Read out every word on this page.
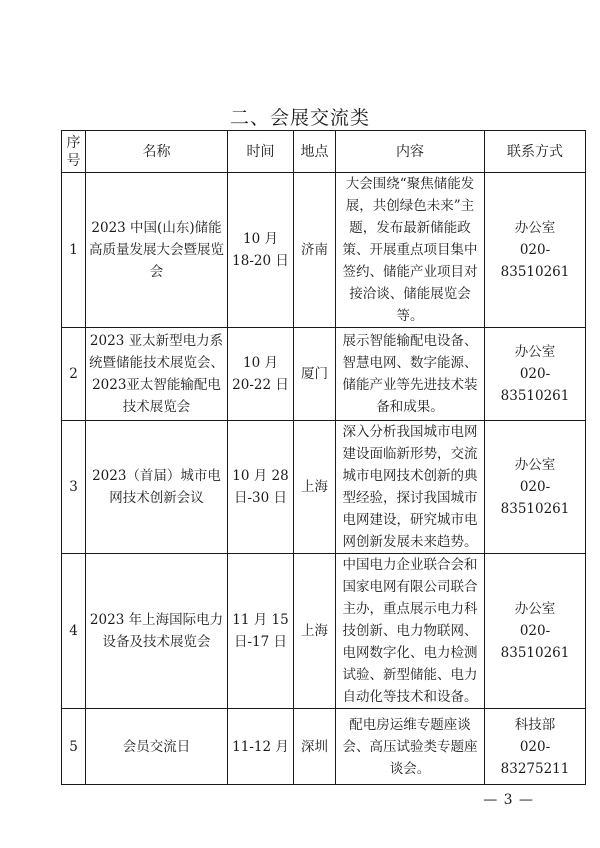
二、会展交流类
序号	名称	时间	地点	内容	联系方式
1	2023 中国(山东)储能高质量发展大会暨展览会	10 月 18-20 日	济南	大会围绕“聚焦储能发展，共创绿色未来”主题，发布最新储能政策、开展重点项目集中签约、储能产业项目对接洽谈、储能展览会等。	办公室
020-83510261

2	2023 亚太新型电力系统暨储能技术展览会、2023亚太智能输配电技术展览会	10 月 20-22 日	厦门	展示智能输配电设备、智慧电网、数字能源、储能产业等先进技术装备和成果。	办公室
020-83510261

3	2023（首届）城市电网技术创新会议	10 月 28 日-30 日	上海	深入分析我国城市电网建设面临新形势，交流城市电网技术创新的典型经验，探讨我国城市电网建设，研究城市电网创新发展未来趋势。	办公室
020-83510261

4	2023 年上海国际电力设备及技术展览会	11 月 15 日-17 日	上海	中国电力企业联合会和国家电网有限公司联合主办，重点展示电力科技创新、电力物联网、电网数字化、电力检测试验、新型储能、电力自动化等技术和设备。	办公室
020-83510261

5	会员交流日	11-12 月	深圳	配电房运维专题座谈会、高压试验类专题座谈会。	科技部
020-83275211
— 3 —
